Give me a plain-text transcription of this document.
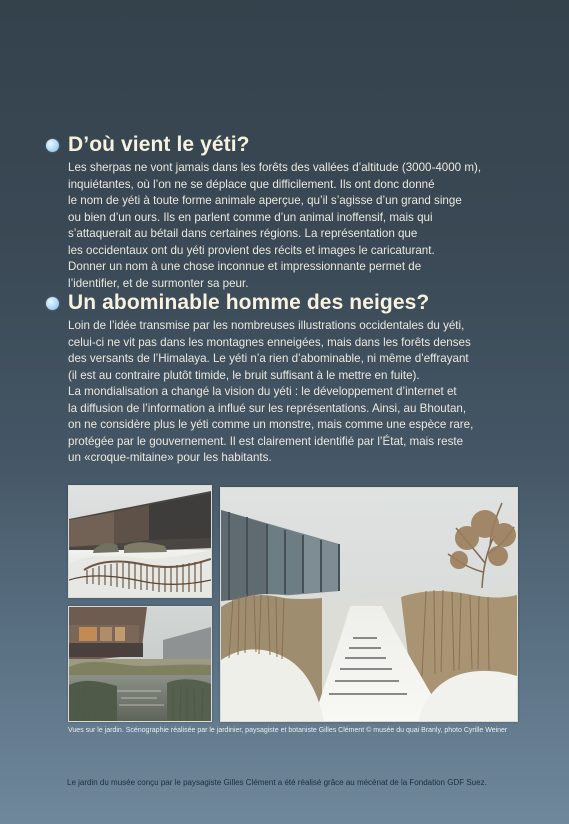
D’où vient le yéti?

Les sherpas ne vont jamais dans les forêts des vallées d’altitude (3000-4000 m),
inquiétantes, où l’on ne se déplace que difficilement. Ils ont donc donné
le nom de yéti à toute forme animale aperçue, qu’il s’agisse d’un grand singe
ou bien d’un ours. Ils en parlent comme d’un animal inoffensif, mais qui
s’attaquerait au bétail dans certaines régions. La représentation que
les occidentaux ont du yéti provient des récits et images le caricaturant.
Donner un nom à une chose inconnue et impressionnante permet de
l’identifier, et de surmonter sa peur.

Un abominable homme des neiges?

Loin de l’idée transmise par les nombreuses illustrations occidentales du yéti,
celui-ci ne vit pas dans les montagnes enneigées, mais dans les forêts denses
des versants de l’Himalaya. Le yéti n’a rien d’abominable, ni même d’effrayant
(il est au contraire plutôt timide, le bruit suffisant à le mettre en fuite).
La mondialisation a changé la vision du yéti : le développement d’internet et
la diffusion de l’information a influé sur les représentations. Ainsi, au Bhoutan,
on ne considère plus le yéti comme un monstre, mais comme une espèce rare,
protégée par le gouvernement. Il est clairement identifié par l’État, mais reste
un «croque-mitaine» pour les habitants.

Vues sur le jardin. Scénographie réalisée par le jardinier, paysagiste et botaniste Gilles Clément © musée du quai Branly, photo Cyrille Weiner
Le jardin du musée conçu par le paysagiste Gilles Clément a été réalisé grâce au mécénat de la Fondation GDF Suez.
